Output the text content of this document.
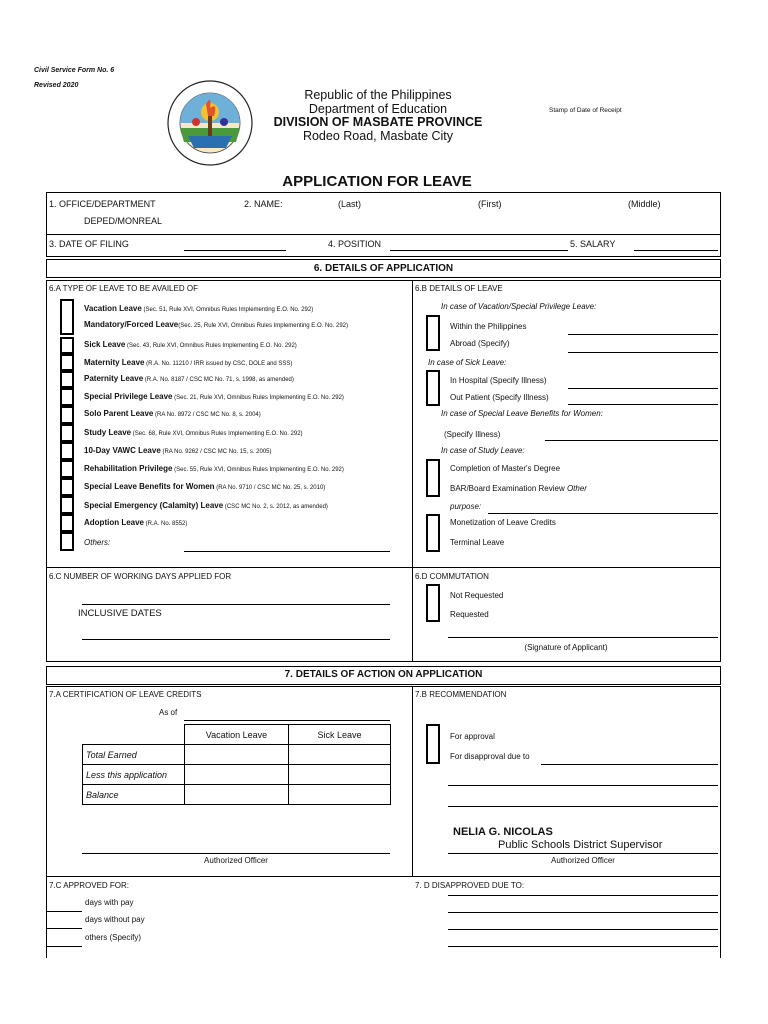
Civil Service Form No. 6
Revised 2020
Republic of the Philippines
Department of Education
DIVISION OF MASBATE PROVINCE
Rodeo Road, Masbate City
Stamp of Date of Receipt
APPLICATION FOR LEAVE
1. OFFICE/DEPARTMENT
DEPED/MONREAL
2. NAME:	(Last)	(First)	(Middle)
3. DATE OF FILING	4. POSITION	5. SALARY
6. DETAILS OF APPLICATION
6.A TYPE OF LEAVE TO BE AVAILED OF
Vacation Leave (Sec. 51, Rule XVI, Omnibus Rules Implementing E.O. No. 292)
Mandatory/Forced Leave(Sec. 25, Rule XVI, Omnibus Rules Implementing E.O. No. 292)
Sick Leave (Sec. 43, Rule XVI, Omnibus Rules Implementing E.O. No. 292)
Maternity Leave (R.A. No. 11210 / IRR issued by CSC, DOLE and SSS)
Paternity Leave (R.A. No. 8187 / CSC MC No. 71, s. 1998, as amended)
Special Privilege Leave (Sec. 21, Rule XVI, Omnibus Rules Implementing E.O. No. 292)
Solo Parent Leave (RA No. 8972 / CSC MC No. 8, s. 2004)
Study Leave (Sec. 68, Rule XVI, Omnibus Rules Implementing E.O. No. 292)
10-Day VAWC Leave (RA No. 9262 / CSC MC No. 15, s. 2005)
Rehabilitation Privilege (Sec. 55, Rule XVI, Omnibus Rules Implementing E.O. No. 292)
Special Leave Benefits for Women (RA No. 9710 / CSC MC No. 25, s. 2010)
Special Emergency (Calamity) Leave (CSC MC No. 2, s. 2012, as amended)
Adoption Leave (R.A. No. 8552)
Others:
6.B DETAILS OF LEAVE
In case of Vacation/Special Privilege Leave:
Within the Philippines
Abroad (Specify)
In case of Sick Leave:
In Hospital (Specify Illness)
Out Patient (Specify Illness)
In case of Special Leave Benefits for Women:
(Specify Illness)
In case of Study Leave:
Completion of Master's Degree
BAR/Board Examination Review Other
purpose:
Monetization of Leave Credits
Terminal Leave
6.C NUMBER OF WORKING DAYS APPLIED FOR
INCLUSIVE DATES
6.D COMMUTATION
Not Requested
Requested
(Signature of Applicant)
7. DETAILS OF ACTION ON APPLICATION
7.A CERTIFICATION OF LEAVE CREDITS
As of
	Vacation Leave	Sick Leave
Total Earned		
Less this application		
Balance		
Authorized Officer
7.B RECOMMENDATION
For approval
For disapproval due to
NELIA G. NICOLAS
Public Schools District Supervisor
Authorized Officer
7.C APPROVED FOR:
days with pay
days without pay
others (Specify)
7. D DISAPPROVED DUE TO:
